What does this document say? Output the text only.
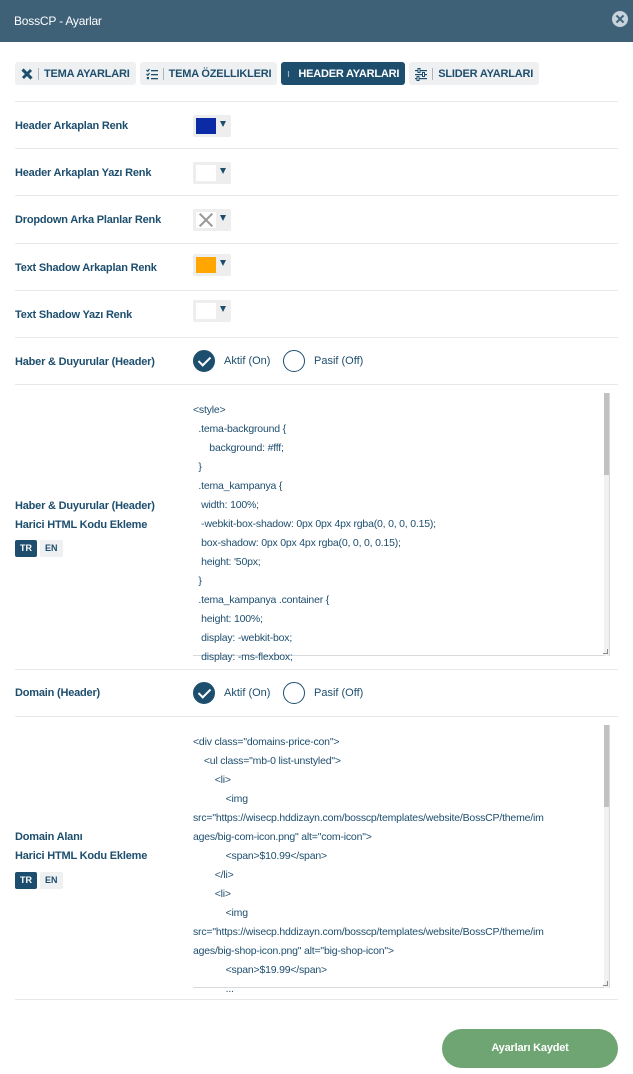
BossCP - Ayarlar
TEMA AYARLARI	TEMA ÖZELLIKLERI HEADER AYARLARI	SLIDER AYARLARI
Header Arkaplan Renk
Header Arkaplan Yazı Renk
Dropdown Arka Planlar Renk
Text Shadow Arkaplan Renk
Text Shadow Yazı Renk
Haber & Duyurular (Header)	Aktif (On)	Pasif (Off)
Haber & Duyurular (Header)
Harici HTML Kodu Ekleme
TR	EN
<style>
.tema-background {
background: #fff;
}
.tema_kampanya {
width: 100%;
-webkit-box-shadow: 0px 0px 4px rgba(0, 0, 0, 0.15);
box-shadow: 0px 0px 4px rgba(0, 0, 0, 0.15);
height: '50px;
}
.tema_kampanya .container {
height: 100%;
display: -webkit-box;
display: -ms-flexbox;
Domain (Header)	Aktif (On)	Pasif (Off)
Domain Alanı
Harici HTML Kodu Ekleme
TR	EN
<div class="domains-price-con">
<ul class="mb-0 list-unstyled">
<li>
<img
src="https://wisecp.hddizayn.com/bosscp/templates/website/BossCP/theme/im
ages/big-com-icon.png" alt="com-icon">
<span>$10.99</span>
</li>
<li>
<img
src="https://wisecp.hddizayn.com/bosscp/templates/website/BossCP/theme/im
ages/big-shop-icon.png" alt="big-shop-icon">
<span>$19.99</span>
...
Ayarları Kaydet
